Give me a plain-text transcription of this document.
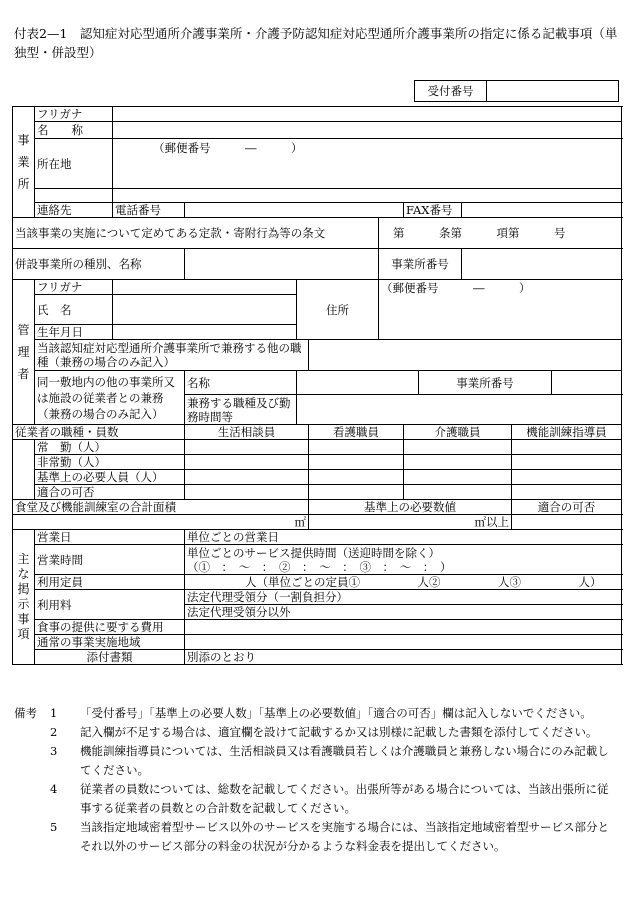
付表2—1　 認知症対応型通所介護事業所・介護予防認知症対応型通所介護事業所の指定に係る記載事項（単独型・併設型）
受付番号	
事業所	フリガナ											
	名　　称											
	所在地	（郵便番号　　　―　　　）										

	連絡先	電話番号					FAX番号					
当該事業の実施について定めてある定款・寄附行為等の条文						第　　　条第　　　項第　　　号						
併設事業所の種別、名称						事業所番号						
管理者	フリガナ			住所		（郵便番号　　　―　　　）						
	氏　名											
	生年月日											
	当該認知症対応型通所介護事業所で兼務する他の職種（兼務の場合のみ記入）											
	同一敷地内の他の事業所又は施設の従業者との兼務（兼務の場合のみ記入）		名称					事業所番号				
			兼務する職種及び勤務時間等									
従業者の職種・員数			生活相談員		看護職員		介護職員			機能訓練指導員		
	常　勤（人）											
	非常勤（人）											
	基準上の必要人員（人）											
	適合の可否											
食堂及び機能訓練室の合計面積					基準上の必要数値					適合の可否		
㎡					㎡以上							
主な掲示事項	営業日		単位ごとの営業日									
	営業時間		単位ごとのサービス提供時間（送迎時間を除く）
（①　：　～　：　②　：　～　：　③　：　～　：　）									

	利用定員		人（単位ごとの定員①　　　　　人②　　　　　人③　　　　　人）									
	利用料		法定代理受領分（一割負担分）									
			法定代理受領分以外									
	食事の提供に要する費用											
	通常の事業実施地域											
	添付書類		別添のとおり									

備考 1 「受付番号」「基準上の必要人数」「基準上の必要数値」「適合の可否」欄は記入しないでください。

2 記入欄が不足する場合は、適宜欄を設けて記載するか又は別様に記載した書類を添付してください。

3 機能訓練指導員については、生活相談員又は看護職員若しくは介護職員と兼務しない場合にのみ記載してください。

4 従業者の員数については、総数を記載してください。出張所等がある場合については、当該出張所に従事する従業者の員数との合計数を記載してください。

5 当該指定地域密着型サービス以外のサービスを実施する場合には、当該指定地域密着型サービス部分とそれ以外のサービス部分の料金の状況が分かるような料金表を提出してください。
